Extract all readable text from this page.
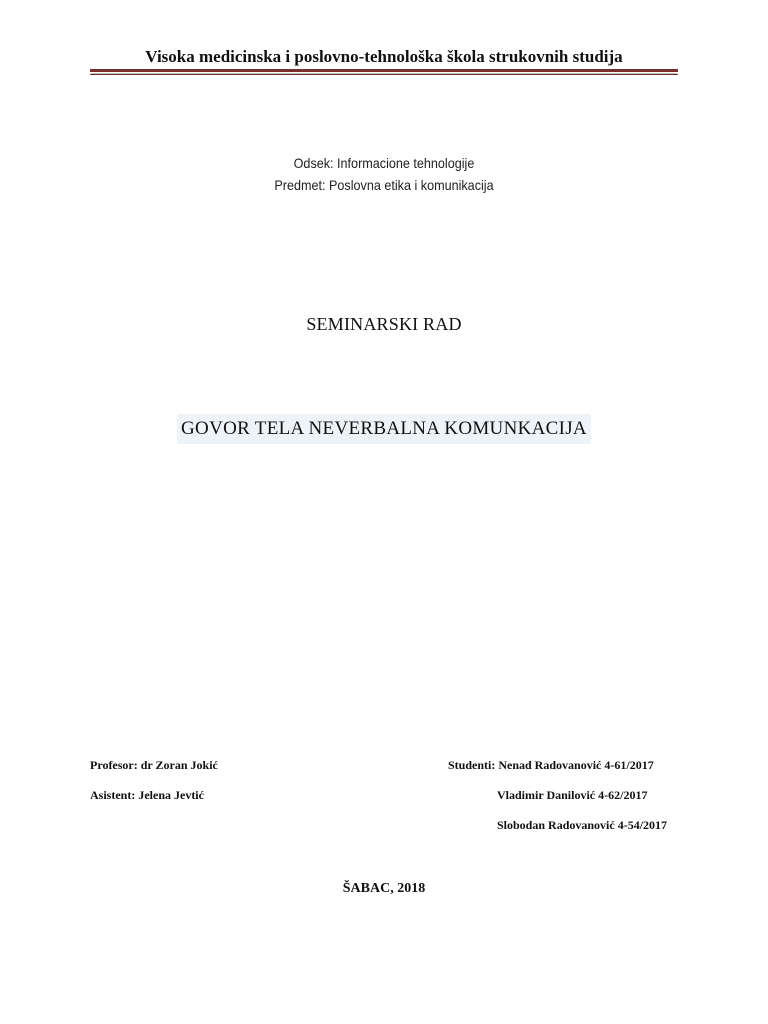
Visoka medicinska i poslovno-tehnološka škola strukovnih studija
Odsek: Informacione tehnologije
Predmet: Poslovna etika i komunikacija
SEMINARSKI RAD
GOVOR TELA NEVERBALNA KOMUNKACIJA
Profesor: dr Zoran Jokić
Asistent: Jelena Jevtić
Studenti: Nenad Radovanović 4-61/2017
Vladimir Danilović 4-62/2017
Slobodan Radovanović 4-54/2017
ŠABAC, 2018
